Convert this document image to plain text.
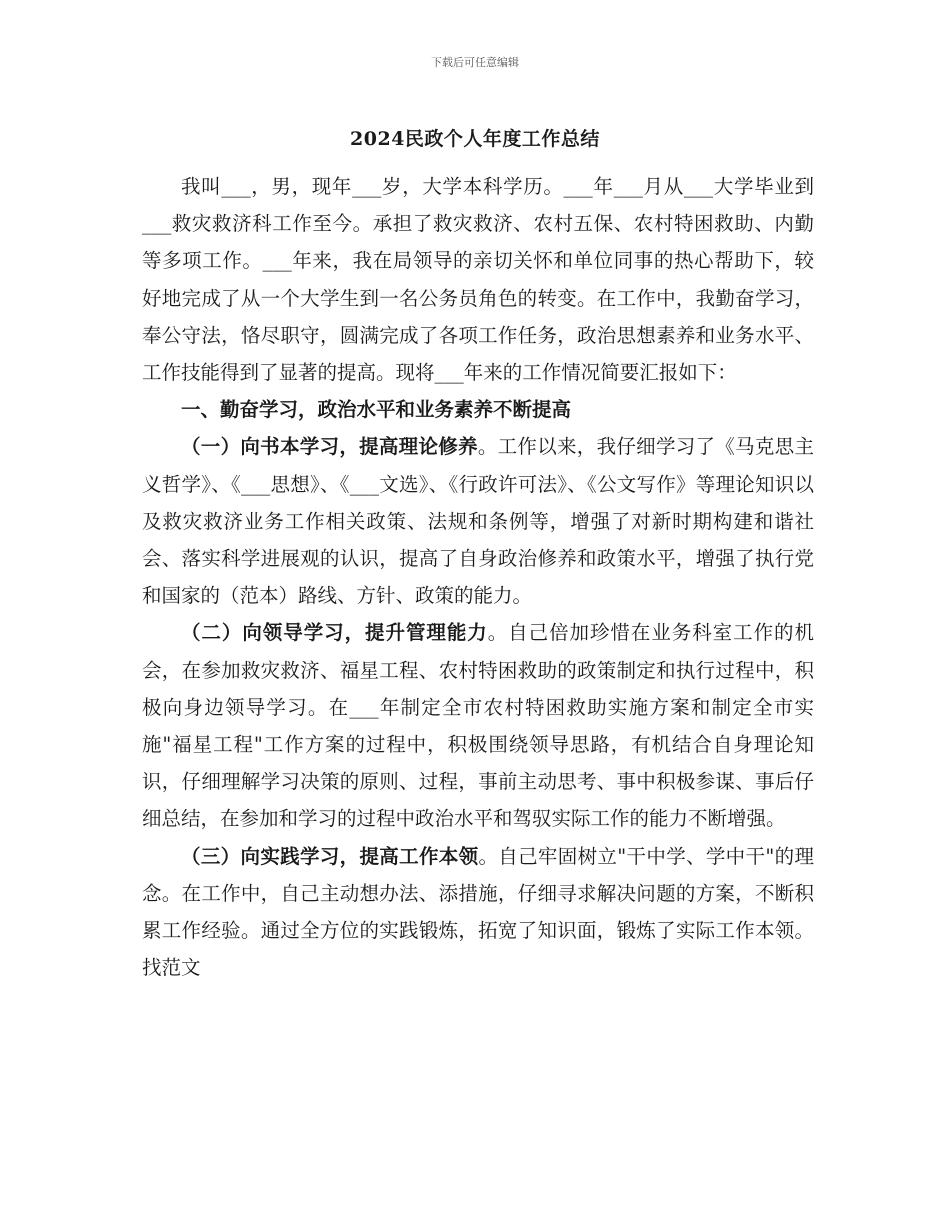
下载后可任意编辑
2024民政个人年度工作总结

我叫___，男，现年___岁，大学本科学历。___年___月从___大学毕业到___救灾救济科工作至今。承担了救灾救济、农村五保、农村特困救助、内勤等多项工作。___年来，我在局领导的亲切关怀和单位同事的热心帮助下，较好地完成了从一个大学生到一名公务员角色的转变。在工作中，我勤奋学习，奉公守法，恪尽职守，圆满完成了各项工作任务，政治思想素养和业务水平、工作技能得到了显著的提高。现将___年来的工作情况简要汇报如下：

一、勤奋学习，政治水平和业务素养不断提高

（一）向书本学习，提高理论修养。工作以来，我仔细学习了《马克思主义哲学》、《___思想》、《___文选》、《行政许可法》、《公文写作》等理论知识以及救灾救济业务工作相关政策、法规和条例等，增强了对新时期构建和谐社会、落实科学进展观的认识，提高了自身政治修养和政策水平，增强了执行党和国家的（范本）路线、方针、政策的能力。

（二）向领导学习，提升管理能力。自己倍加珍惜在业务科室工作的机会，在参加救灾救济、福星工程、农村特困救助的政策制定和执行过程中，积极向身边领导学习。在___年制定全市农村特困救助实施方案和制定全市实施"福星工程"工作方案的过程中，积极围绕领导思路，有机结合自身理论知识，仔细理解学习决策的原则、过程，事前主动思考、事中积极参谋、事后仔细总结，在参加和学习的过程中政治水平和驾驭实际工作的能力不断增强。

（三）向实践学习，提高工作本领。自己牢固树立"干中学、学中干"的理念。在工作中，自己主动想办法、添措施，仔细寻求解决问题的方案，不断积累工作经验。通过全方位的实践锻炼，拓宽了知识面，锻炼了实际工作本领。找范文
